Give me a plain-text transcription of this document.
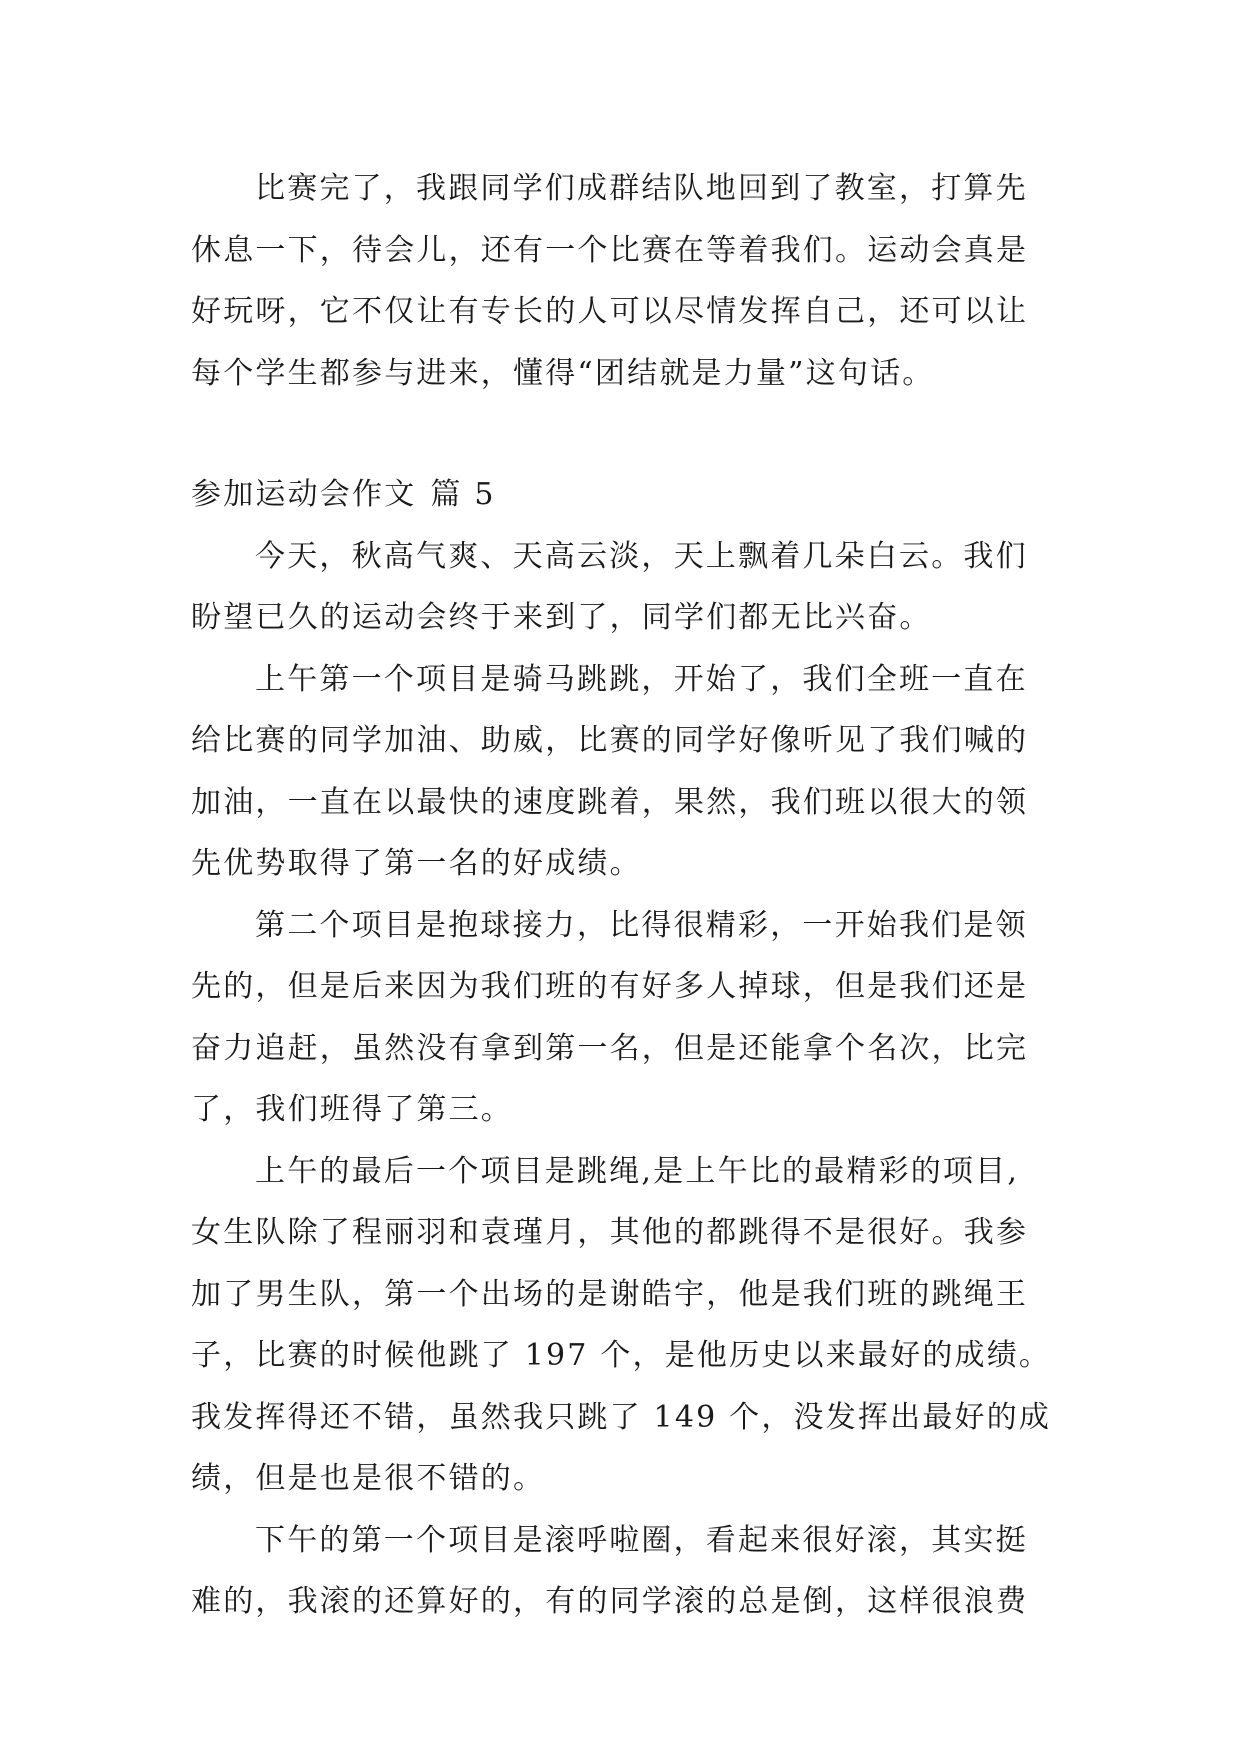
比赛完了，我跟同学们成群结队地回到了教室，打算先
休息一下，待会儿，还有一个比赛在等着我们。运动会真是
好玩呀，它不仅让有专长的人可以尽情发挥自己，还可以让
每个学生都参与进来，懂得“团结就是力量”这句话。

参加运动会作文 篇 5

今天，秋高气爽、天高云淡，天上飘着几朵白云。我们
盼望已久的运动会终于来到了，同学们都无比兴奋。

上午第一个项目是骑马跳跳，开始了，我们全班一直在
给比赛的同学加油、助威，比赛的同学好像听见了我们喊的
加油，一直在以最快的速度跳着，果然，我们班以很大的领
先优势取得了第一名的好成绩。

第二个项目是抱球接力，比得很精彩，一开始我们是领
先的，但是后来因为我们班的有好多人掉球，但是我们还是
奋力追赶，虽然没有拿到第一名，但是还能拿个名次，比完
了，我们班得了第三。

上午的最后一个项目是跳绳,是上午比的最精彩的项目,
女生队除了程丽羽和袁瑾月，其他的都跳得不是很好。我参
加了男生队，第一个出场的是谢皓宇，他是我们班的跳绳王
子，比赛的时候他跳了 197 个，是他历史以来最好的成绩。
我发挥得还不错，虽然我只跳了 149 个，没发挥出最好的成
绩，但是也是很不错的。

下午的第一个项目是滚呼啦圈，看起来很好滚，其实挺
难的，我滚的还算好的，有的同学滚的总是倒，这样很浪费
